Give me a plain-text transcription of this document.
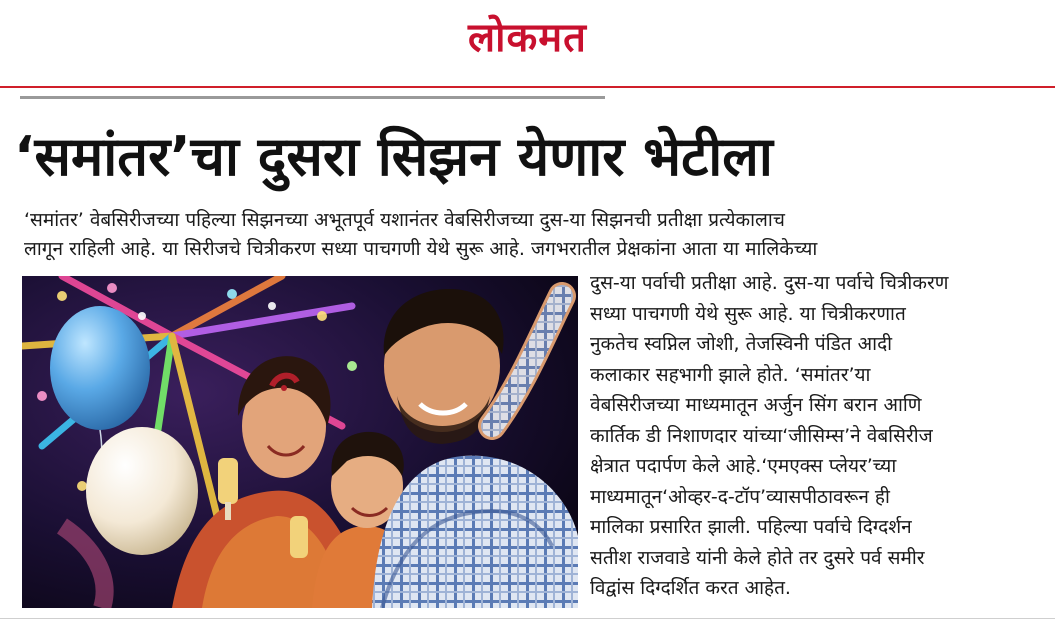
लोकमत
‘समांतर’चा दुसरा सिझन येणार भेटीला
‘समांतर’ वेबसिरीजच्या पहिल्या सिझनच्या अभूतपूर्व यशानंतर वेबसिरीजच्या दुस-या सिझनची प्रतीक्षा प्रत्येकालाच
लागून राहिली आहे. या सिरीजचे चित्रीकरण सध्या पाचगणी येथे सुरू आहे. जगभरातील प्रेक्षकांना आता या मालिकेच्या
दुस-या पर्वाची प्रतीक्षा आहे. दुस-या पर्वाचे चित्रीकरण
सध्या पाचगणी येथे सुरू आहे. या चित्रीकरणात
नुकतेच स्वप्निल जोशी, तेजस्विनी पंडित आदी
कलाकार सहभागी झाले होते. ‘समांतर’या
वेबसिरीजच्या माध्यमातून अर्जुन सिंग बरान आणि
कार्तिक डी निशाणदार यांच्या‘जीसिम्स’ने वेबसिरीज
क्षेत्रात पदार्पण केले आहे.‘एमएक्स प्लेयर’च्या
माध्यमातून‘ओव्हर-द-टॉप’व्यासपीठावरून ही
मालिका प्रसारित झाली. पहिल्या पर्वाचे दिग्दर्शन
सतीश राजवाडे यांनी केले होते तर दुसरे पर्व समीर
विद्वांस दिग्दर्शित करत आहेत.
